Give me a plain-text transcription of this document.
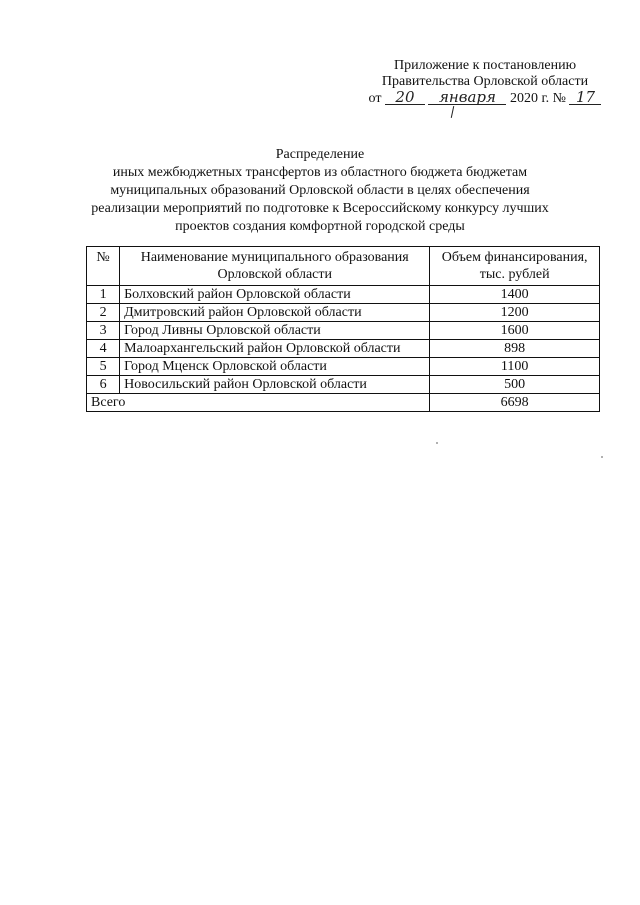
Приложение к постановлению
Правительства Орловской области
от 20 января 2020 г. № 17
Распределение
иных межбюджетных трансфертов из областного бюджета бюджетам
муниципальных образований Орловской области в целях обеспечения
реализации мероприятий по подготовке к Всероссийскому конкурсу лучших
проектов создания комфортной городской среды
№	Наименование муниципального образования Орловской области	Объем финансирования, тыс. рублей
1	Болховский район Орловской области	1400
2	Дмитровский район Орловской области	1200
3	Город Ливны Орловской области	1600
4	Малоархангельский район Орловской области	898
5	Город Мценск Орловской области	1100
6	Новосильский район Орловской области	500
Всего		6698
